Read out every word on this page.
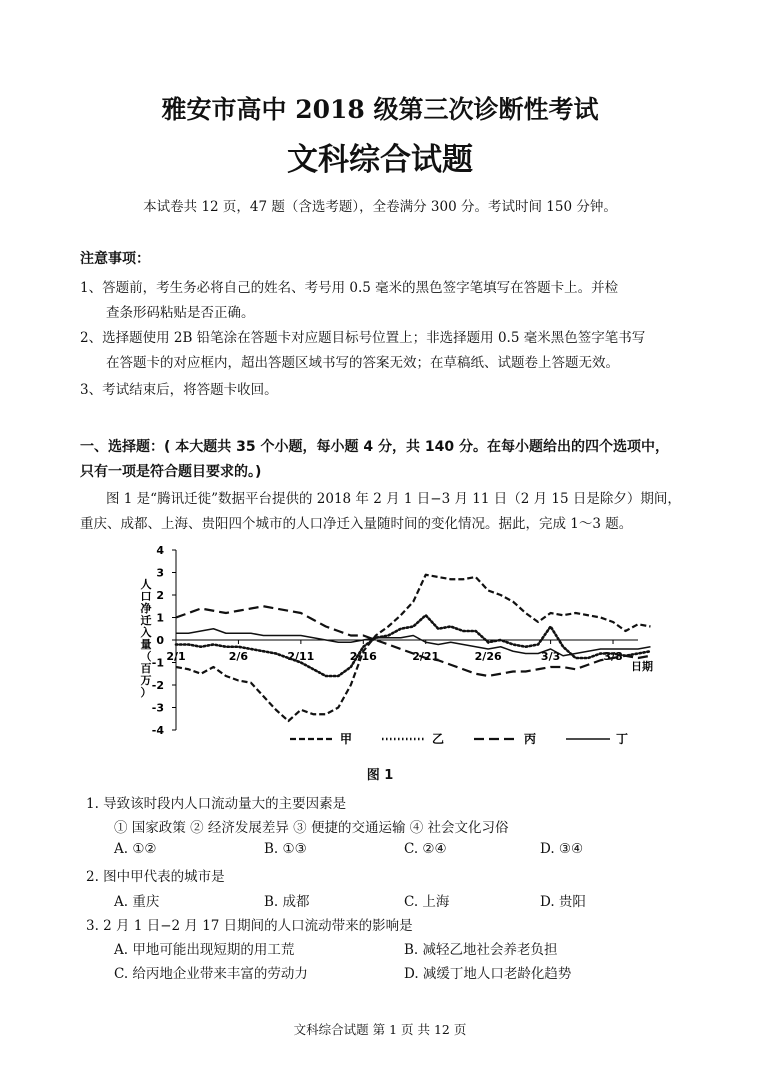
雅安市高中 2018 级第三次诊断性考试
文科综合试题
本试卷共 12 页，47 题（含选考题），全卷满分 300 分。考试时间 150 分钟。
注意事项：
1、答题前，考生务必将自己的姓名、考号用 0.5 毫米的黑色签字笔填写在答题卡上。并检
查条形码粘贴是否正确。
2、选择题使用 2B 铅笔涂在答题卡对应题目标号位置上；非选择题用 0.5 毫米黑色签字笔书写
在答题卡的对应框内，超出答题区域书写的答案无效；在草稿纸、试题卷上答题无效。
3、考试结束后，将答题卡收回。
一、选择题：( 本大题共 35 个小题，每小题 4 分，共 140 分。在每小题给出的四个选项中，
只有一项是符合题目要求的。)
图 1 是“腾讯迁徙”数据平台提供的 2018 年 2 月 1 日−3 月 11 日（2 月 15 日是除夕）期间，
重庆、成都、上海、贵阳四个城市的人口净迁入量随时间的变化情况。据此，完成 1～3 题。
4
3
2
1
0
-1
-2
-3
-4
2/1	2/6	2/11	2/16	2/21	2/26	3/3	3/8
日期
人口净迁入量（百万）
甲	乙	丙	丁
图 1
1. 导致该时段内人口流动量大的主要因素是
① 国家政策 ② 经济发展差异 ③ 便捷的交通运输 ④ 社会文化习俗
A. ①②	B. ①③	C. ②④	D. ③④
2. 图中甲代表的城市是
A. 重庆	B. 成都	C. 上海	D. 贵阳
3. 2 月 1 日−2 月 17 日期间的人口流动带来的影响是
A. 甲地可能出现短期的用工荒	B. 减轻乙地社会养老负担
C. 给丙地企业带来丰富的劳动力	D. 减缓丁地人口老龄化趋势
文科综合试题 第 1 页 共 12 页
